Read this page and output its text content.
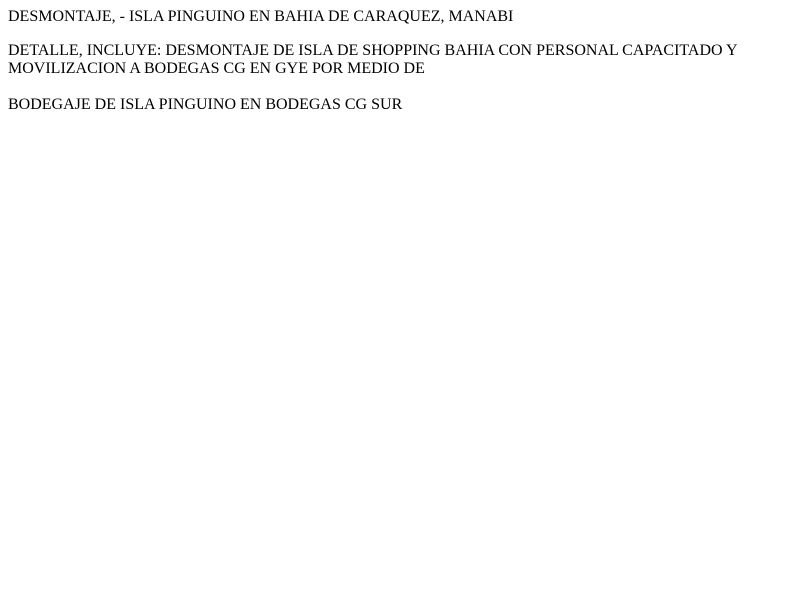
DESMONTAJE, - ISLA PINGUINO EN BAHIA DE CARAQUEZ, MANABI

DETALLE, INCLUYE: DESMONTAJE DE ISLA DE SHOPPING BAHIA CON PERSONAL CAPACITADO Y MOVILIZACION A BODEGAS CG EN GYE POR MEDIO DE

BODEGAJE DE ISLA PINGUINO EN BODEGAS CG SUR
